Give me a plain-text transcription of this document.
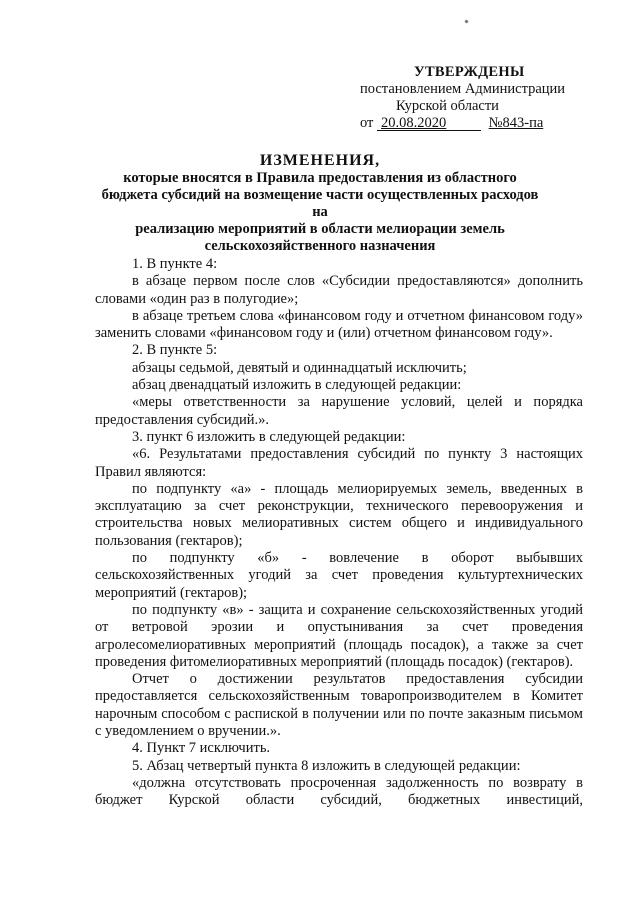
УТВЕРЖДЕНЫ
постановлением Администрации
Курской области
от 20.08.2020	№843-па
ИЗМЕНЕНИЯ,
которые вносятся в Правила предоставления из областного
бюджета субсидий на возмещение части осуществленных расходов на
реализацию мероприятий в области мелиорации земель
сельскохозяйственного назначения

1. В пункте 4:

в абзаце первом после слов «Субсидии предоставляются» дополнить словами «один раз в полугодие»;

в абзаце третьем слова «финансовом году и отчетном финансовом году» заменить словами «финансовом году и (или) отчетном финансовом году».

2. В пункте 5:

абзацы седьмой, девятый и одиннадцатый исключить;

абзац двенадцатый изложить в следующей редакции:

«меры ответственности за нарушение условий, целей и порядка предоставления субсидий.».

3. пункт 6 изложить в следующей редакции:

«6. Результатами предоставления субсидий по пункту 3 настоящих Правил являются:

по подпункту «а» - площадь мелиорируемых земель, введенных в эксплуатацию за счет реконструкции, технического перевооружения и строительства новых мелиоративных систем общего и индивидуального пользования (гектаров);

по подпункту «б» - вовлечение в оборот выбывших сельскохозяйственных угодий за счет проведения культуртехнических мероприятий (гектаров);

по подпункту «в» - защита и сохранение сельскохозяйственных угодий от ветровой эрозии и опустынивания за счет проведения агролесомелиоративных мероприятий (площадь посадок), а также за счет проведения фитомелиоративных мероприятий (площадь посадок) (гектаров).

Отчет о достижении результатов предоставления субсидии предоставляется сельскохозяйственным товаропроизводителем в Комитет нарочным способом с распиской в получении или по почте заказным письмом с уведомлением о вручении.».

4. Пункт 7 исключить.

5. Абзац четвертый пункта 8 изложить в следующей редакции:

«должна отсутствовать просроченная задолженность по возврату в бюджет Курской области субсидий, бюджетных инвестиций,
